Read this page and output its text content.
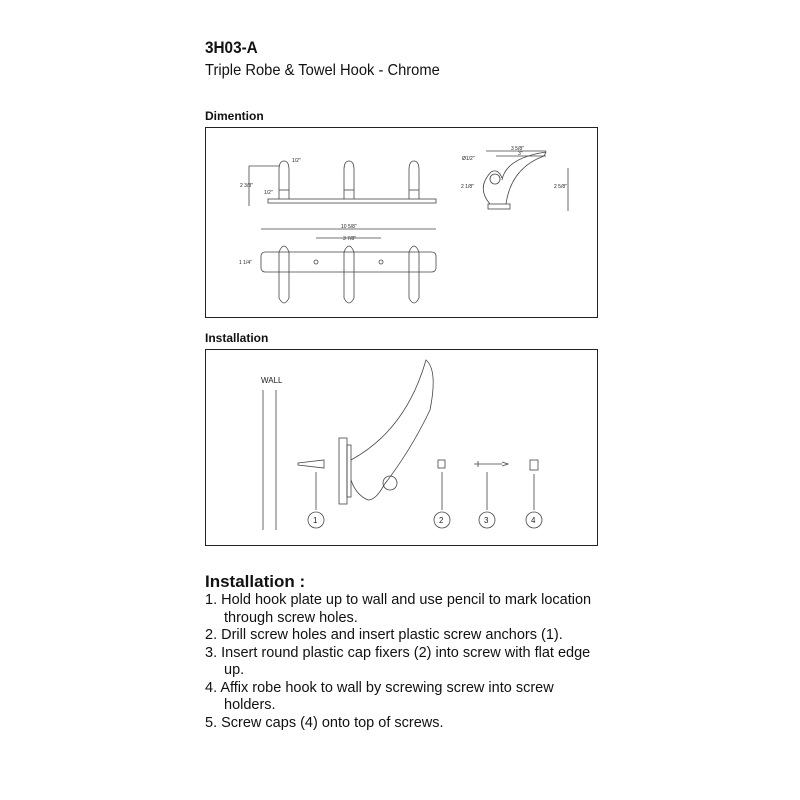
3H03-A
Triple Robe & Towel Hook - Chrome
Dimention
2 3/8"
1/2"
1/2"
10 5/8"
3 7/8"
1 1/4"
3 5/8"
3"
Ø1/2"
2 1/8"	2 5/8"
Installation
WALL
1	2	3	4
Installation :
1. Hold hook plate up to wall and use pencil to mark location through screw holes.
2. Drill screw holes and insert plastic screw anchors (1).
3. Insert round plastic cap fixers (2) into screw with flat edge up.
4. Affix robe hook to wall by screwing screw into screw holders.
5. Screw caps (4) onto top of screws.
